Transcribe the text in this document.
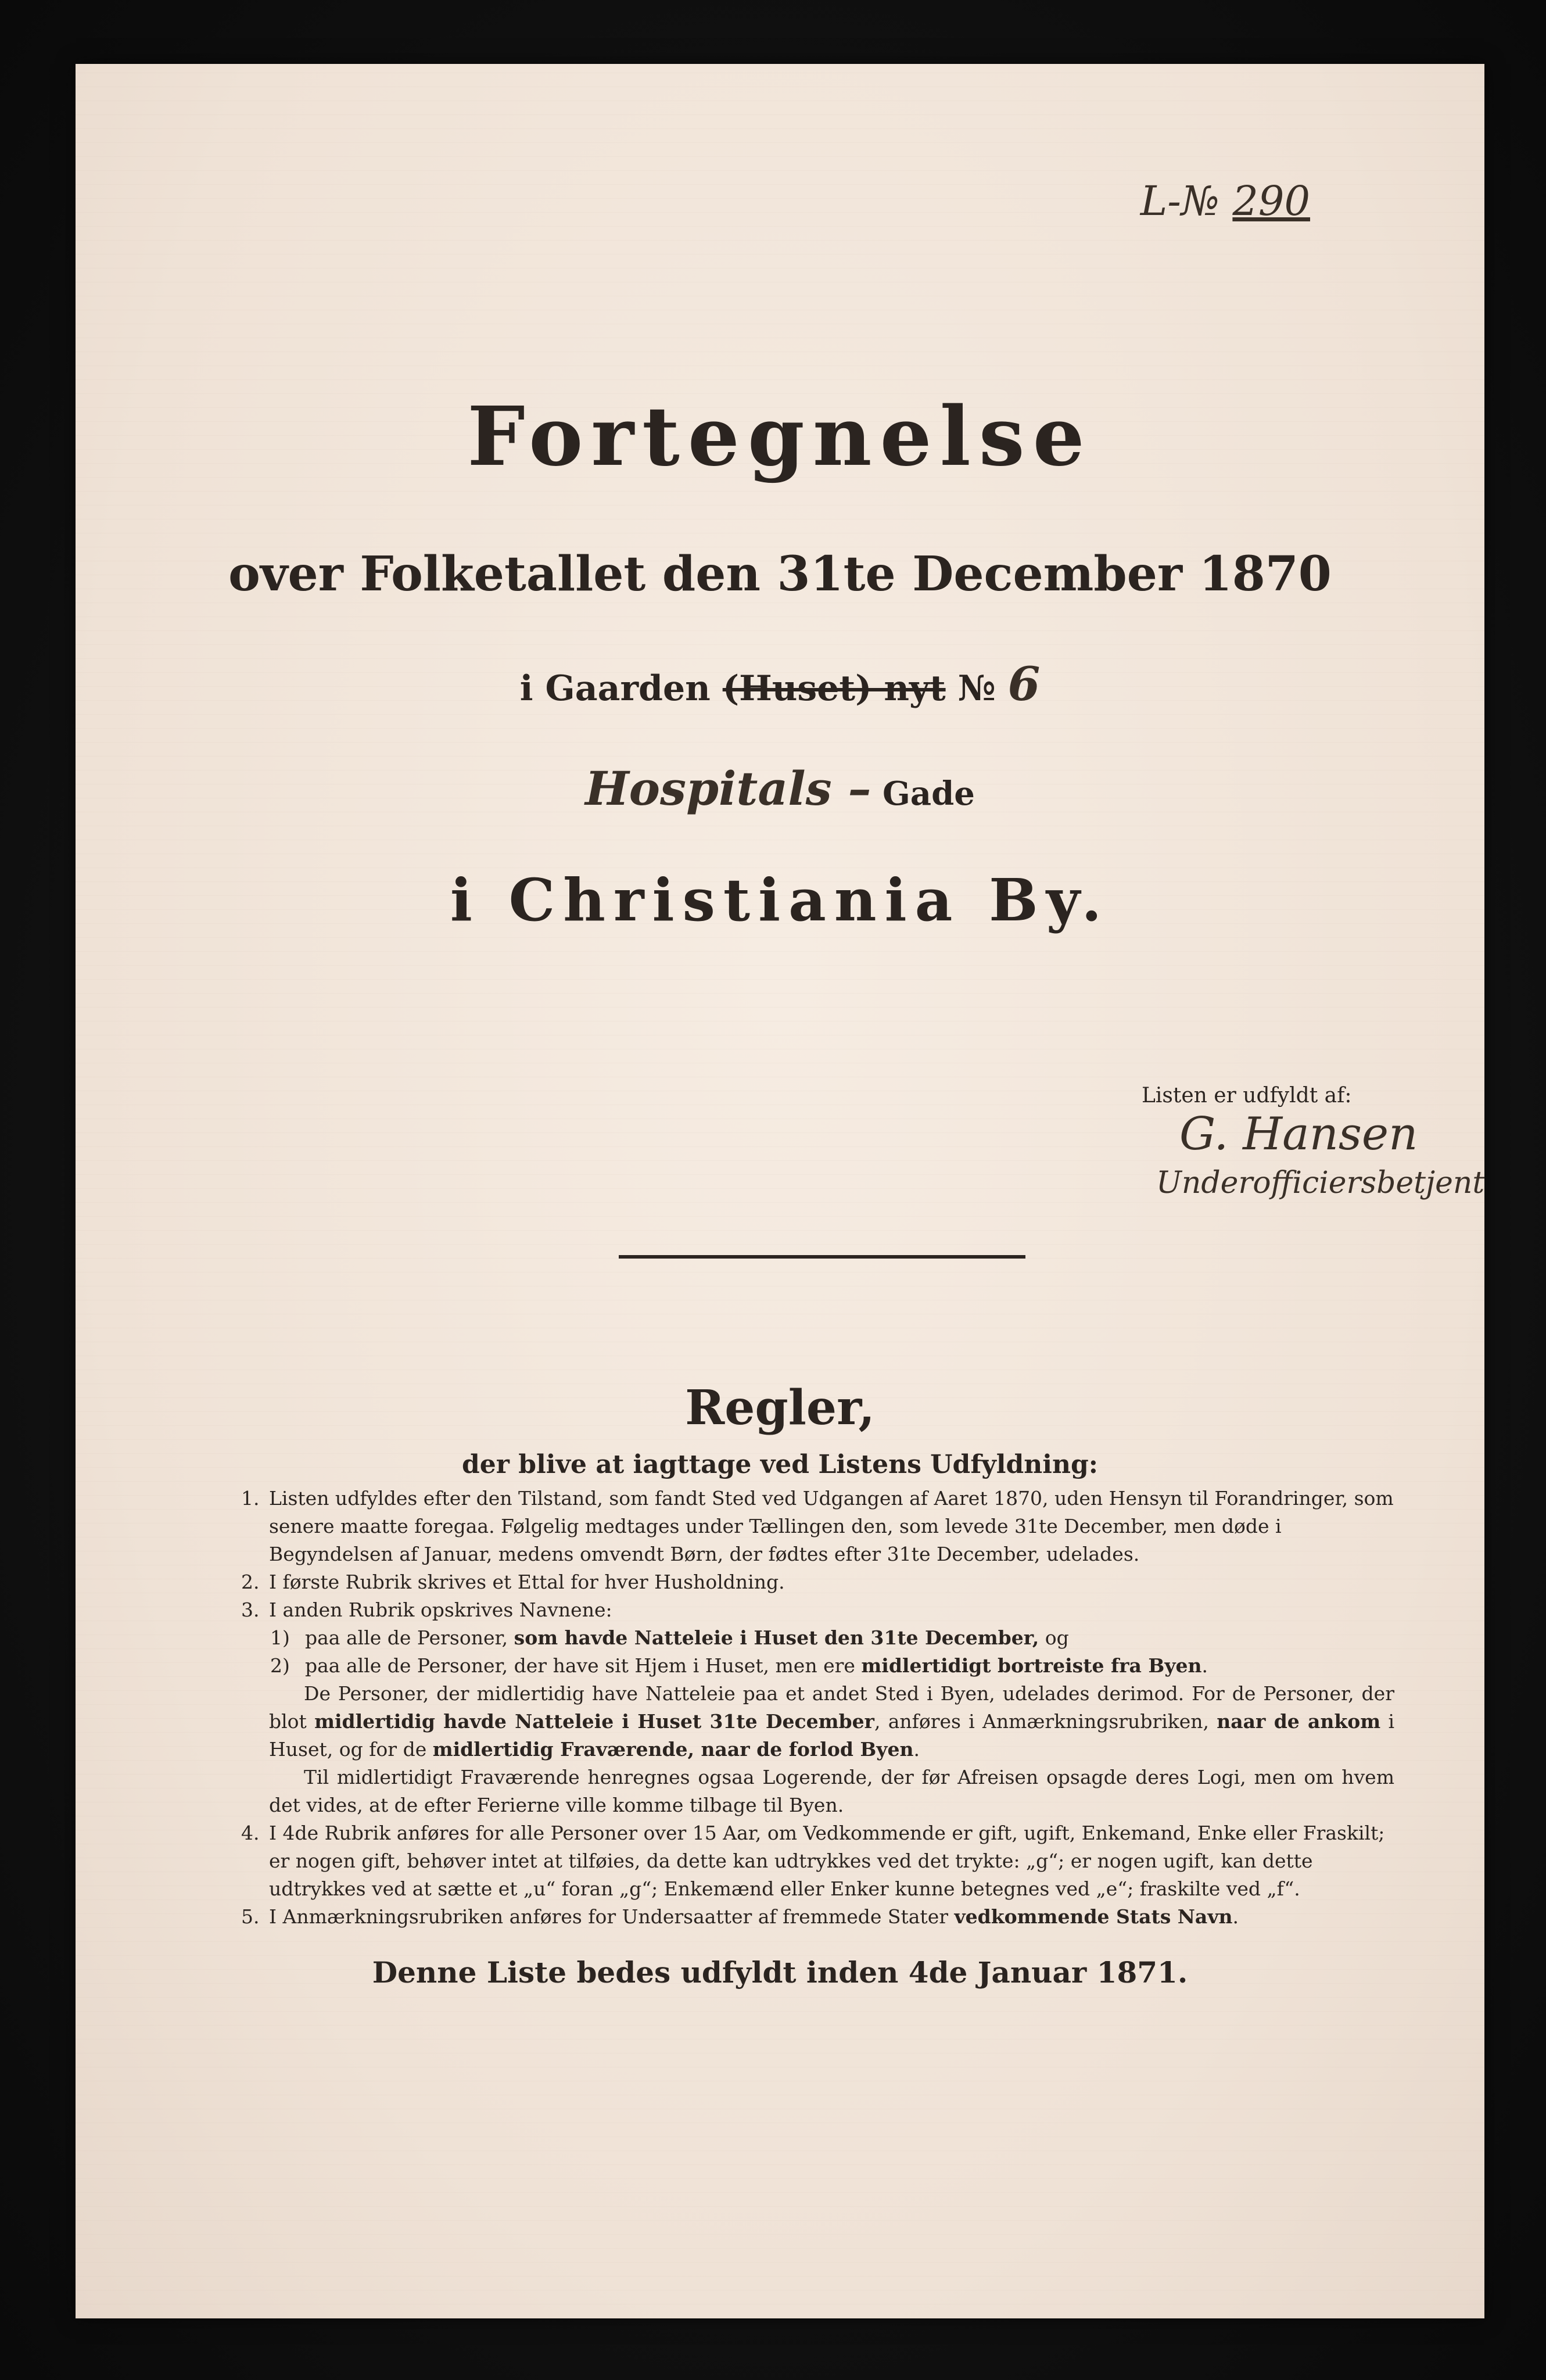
L-№ 290
Fortegnelse
over Folketallet den 31te December 1870
i Gaarden (Huset) nyt № 6
Hospitals – Gade
i Christiania By.
Listen er udfyldt af:
G. Hansen
Underofficiersbetjent
Regler,
der blive at iagttage ved Listens Udfyldning:
1. Listen udfyldes efter den Tilstand, som fandt Sted ved Udgangen af Aaret 1870, uden Hensyn til Forandringer, som senere maatte foregaa. Følgelig medtages under Tællingen den, som levede 31te December, men døde i Begyndelsen af Januar, medens omvendt Børn, der fødtes efter 31te December, udelades.
2. I første Rubrik skrives et Ettal for hver Husholdning.
3. I anden Rubrik opskrives Navnene:
1) paa alle de Personer, som havde Natteleie i Huset den 31te December, og
2) paa alle de Personer, der have sit Hjem i Huset, men ere midlertidigt bortreiste fra Byen.
De Personer, der midlertidig have Natteleie paa et andet Sted i Byen, udelades derimod. For de Personer, der blot midlertidig havde Natteleie i Huset 31te December, anføres i Anmærkningsrubriken, naar de ankom i Huset, og for de midlertidig Fraværende, naar de forlod Byen.
Til midlertidigt Fraværende henregnes ogsaa Logerende, der før Afreisen opsagde deres Logi, men om hvem det vides, at de efter Ferierne ville komme tilbage til Byen.
4. I 4de Rubrik anføres for alle Personer over 15 Aar, om Vedkommende er gift, ugift, Enkemand, Enke eller Fraskilt; er nogen gift, behøver intet at tilføies, da dette kan udtrykkes ved det trykte: „g“; er nogen ugift, kan dette udtrykkes ved at sætte et „u“ foran „g“; Enkemænd eller Enker kunne betegnes ved „e“; fraskilte ved „f“.
5. I Anmærkningsrubriken anføres for Undersaatter af fremmede Stater vedkommende Stats Navn.
Denne Liste bedes udfyldt inden 4de Januar 1871.
